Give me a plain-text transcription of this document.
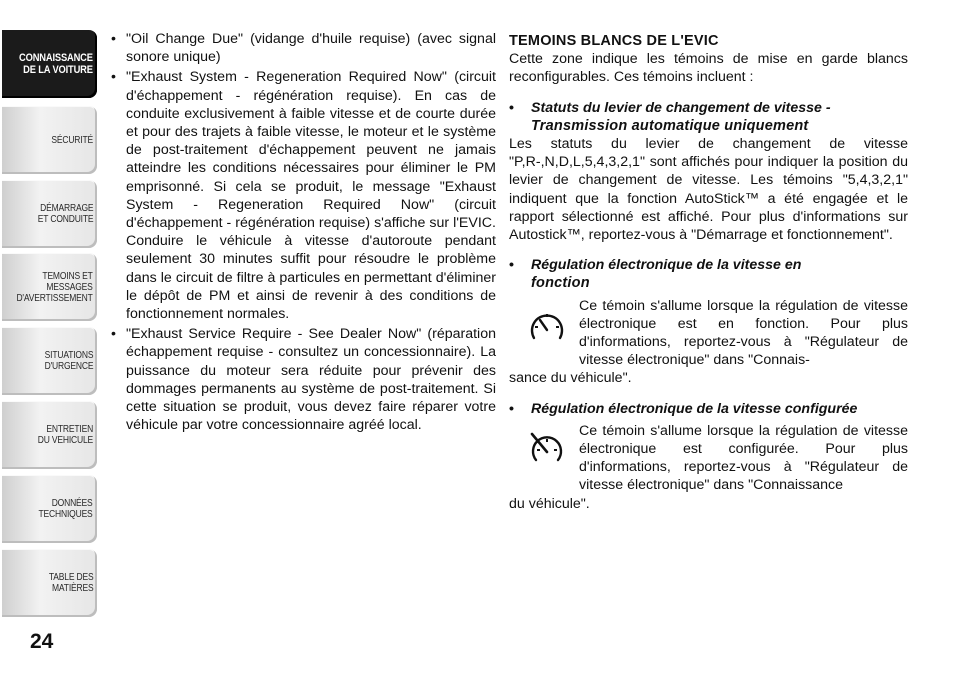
CONNAISSANCE
DE LA VOITURE
SÉCURITÉ
DÉMARRAGE
ET CONDUITE
TEMOINS ET
MESSAGES
D'AVERTISSEMENT
SITUATIONS
D'URGENCE
ENTRETIEN
DU VEHICULE
DONNÉES
TECHNIQUES
TABLE DES
MATIÈRES
24

• "Oil Change Due" (vidange d'huile requise) (avec signal sonore unique)

• "Exhaust System - Regeneration Required Now" (circuit d'échappement - régénération requise). En cas de conduite exclusivement à faible vitesse et de courte durée et pour des trajets à faible vitesse, le moteur et le système de post-traitement d'échappement peuvent ne jamais atteindre les conditions nécessaires pour éliminer le PM emprisonné. Si cela se produit, le message "Exhaust System - Regeneration Required Now" (circuit d'échappement - régénération requise) s'affiche sur l'EVIC. Conduire le véhicule à vitesse d'autoroute pendant seulement 30 minutes suffit pour résoudre le problème dans le circuit de filtre à particules en permettant d'éliminer le dépôt de PM et ainsi de revenir à des conditions de fonctionnement normales.

• "Exhaust Service Require - See Dealer Now" (réparation échappement requise - consultez un concessionnaire). La puissance du moteur sera réduite pour prévenir des dommages permanents au système de post-traitement. Si cette situation se produit, vous devez faire réparer votre véhicule par votre concessionnaire agréé local.

TEMOINS BLANCS DE L'EVIC

Cette zone indique les témoins de mise en garde blancs reconfigurables. Ces témoins incluent :

• Statuts du levier de changement de vitesse -

Transmission automatique uniquement

Les statuts du levier de changement de vitesse "P,R-,N,D,L,5,4,3,2,1" sont affichés pour indiquer la position du levier de changement de vitesse. Les témoins "5,4,3,2,1" indiquent que la fonction AutoStick™ a été engagée et le rapport sélectionné est affiché. Pour plus d'informations sur Autostick™, reportez-vous à "Démarrage et fonctionnement".

• Régulation électronique de la vitesse en

fonction

Ce témoin s'allume lorsque la régulation de vitesse électronique est en fonction. Pour plus d'informations, reportez-vous à "Régulateur de vitesse électronique" dans "Connais-

sance du véhicule".

• Régulation électronique de la vitesse configurée

Ce témoin s'allume lorsque la régulation de vitesse électronique est configurée. Pour plus d'informations, reportez-vous à "Régulateur de vitesse électronique" dans "Connaissance

du véhicule".
